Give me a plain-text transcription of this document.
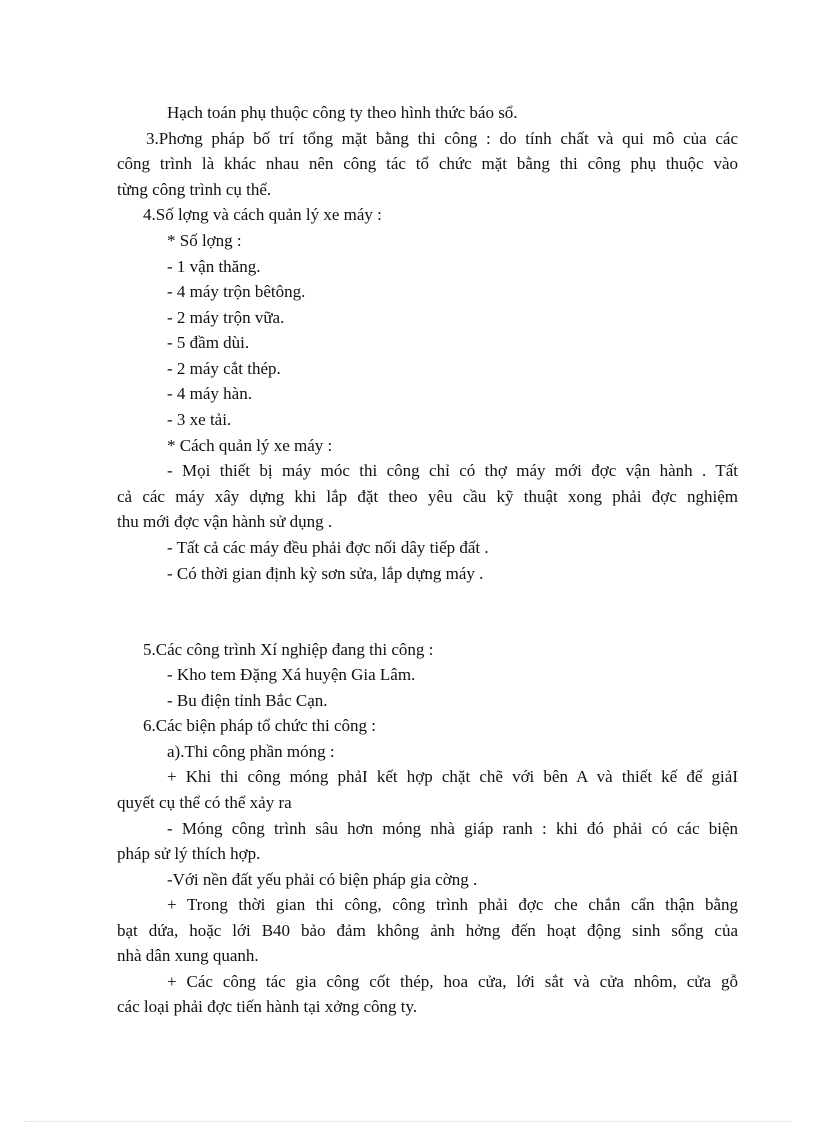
Hạch toán phụ thuộc công ty theo hình thức báo sổ.
3.Phơng pháp bố trí tổng mặt bằng thi công : do tính chất và qui mô của các
công trình là khác nhau nên công tác tổ chức mặt bằng thi công phụ thuộc vào
từng công trình cụ thể.
4.Số lợng và cách quản lý xe máy :
* Số lợng :
- 1 vận thăng.
- 4 máy trộn bêtông.
- 2 máy trộn vữa.
- 5 đầm dùi.
- 2 máy cắt thép.
- 4 máy hàn.
- 3 xe tải.
* Cách quản lý xe máy :
- Mọi thiết bị máy móc thi công chỉ có thợ máy mới đợc vận hành . Tất
cả các máy xây dựng khi lắp đặt theo yêu cầu kỹ thuật xong phải đợc nghiệm
thu mới đợc vận hành sử dụng .
- Tất cả các máy đều phải đợc nối dây tiếp đất .
- Có thời gian định kỳ sơn sửa, lắp dựng máy .
5.Các công trình Xí nghiệp đang thi công :
- Kho tem Đặng Xá huyện Gia Lâm.
- Bu điện tỉnh Bắc Cạn.
6.Các biện pháp tổ chức thi công :
a).Thi công phần móng :
+ Khi thi công móng phảI kết hợp chặt chẽ với bên A và thiết kế để giảI
quyết cụ thể có thể xảy ra
- Móng công trình sâu hơn móng nhà giáp ranh : khi đó phải có các biện
pháp sử lý thích hợp.
-Với nền đất yếu phải có biện pháp gia cờng .
+ Trong thời gian thi công, công trình phải đợc che chắn cẩn thận bằng
bạt dứa, hoặc lới B40 bảo đảm không ảnh hởng đến hoạt động sinh sống của
nhà dân xung quanh.
+ Các công tác gia công cốt thép, hoa cửa, lới sắt và cửa nhôm, cửa gỗ
các loại phải đợc tiến hành tại xởng công ty.
